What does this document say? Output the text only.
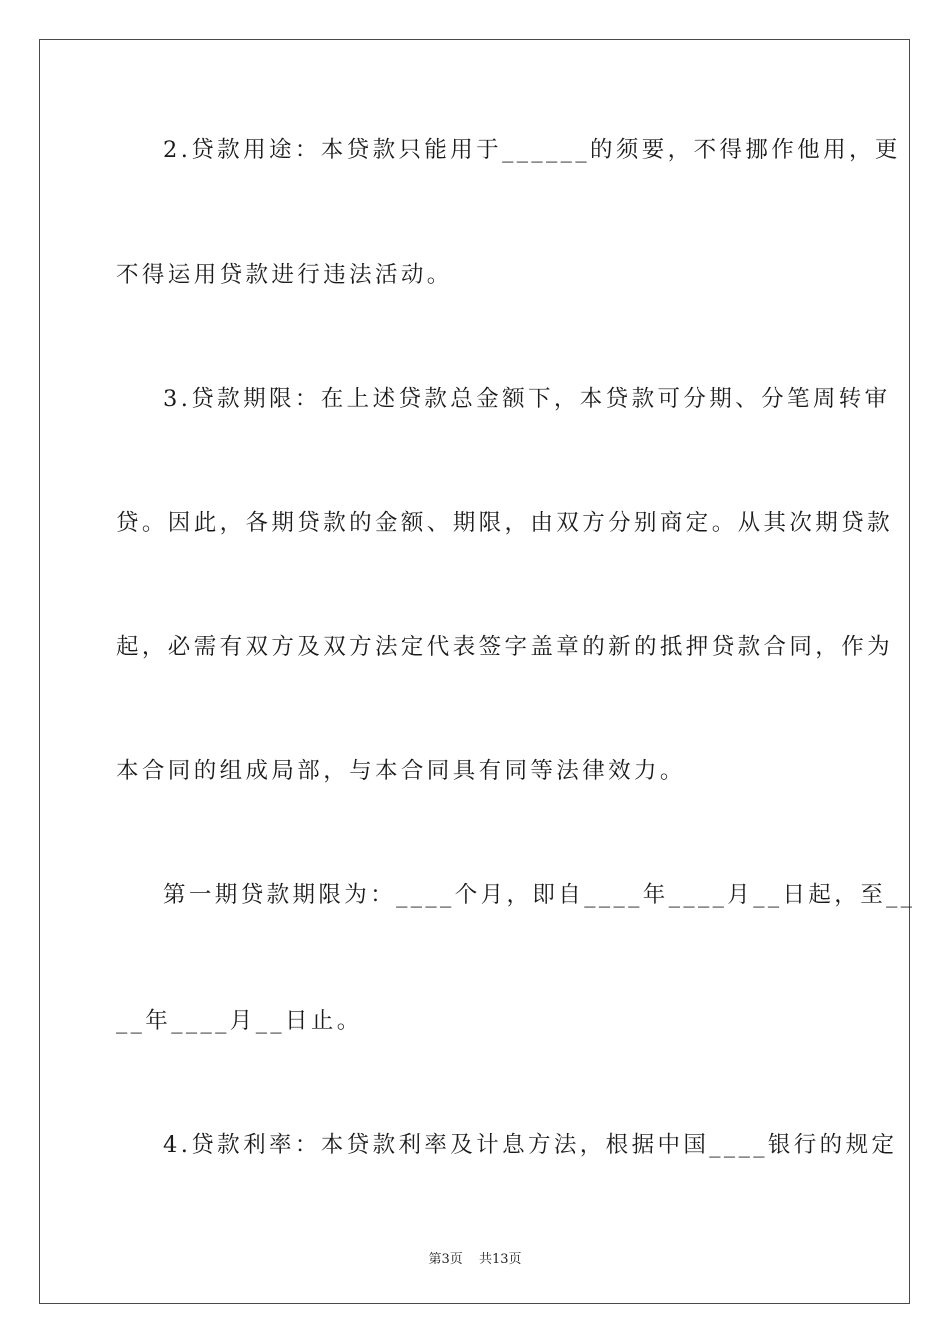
2.贷款用途：本贷款只能用于______的须要，不得挪作他用，更
不得运用贷款进行违法活动。
3.贷款期限：在上述贷款总金额下，本贷款可分期、分笔周转审
贷。因此，各期贷款的金额、期限，由双方分别商定。从其次期贷款
起，必需有双方及双方法定代表签字盖章的新的抵押贷款合同，作为
本合同的组成局部，与本合同具有同等法律效力。
第一期贷款期限为：____个月，即自____年____月__日起，至__
__年____月__日止。
4.贷款利率：本贷款利率及计息方法，根据中国____银行的规定
第3页 共13页
